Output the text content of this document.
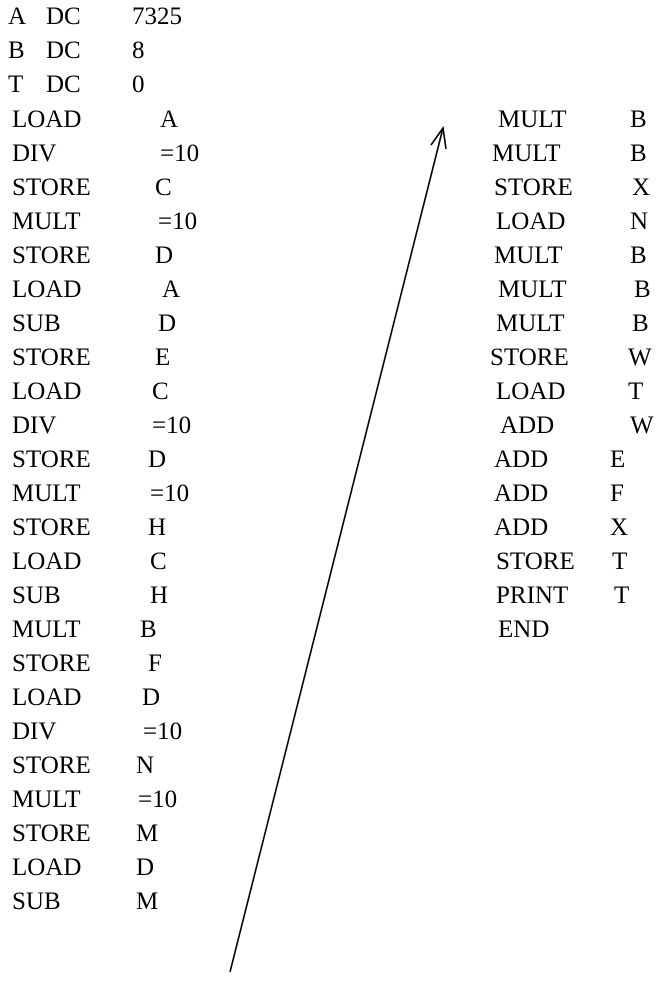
A DC 7325
B DC 8
T DC 0
LOAD	A
DIV	=10
STORE	C
MULT	=10
STORE	D
LOAD	A
SUB	D
STORE	E
LOAD	C
DIV	=10
STORE D
MULT	=10
STORE H
LOAD	C
SUB	H
MULT B
STORE F
LOAD D
DIV	=10
STORE N
MULT =10
STORE M
LOAD D
SUB	M
MULT	B
MULT	B
STORE X
LOAD	N
MULT	B
MULT	B
MULT	B
STORE W
LOAD	T
ADD	W
ADD E
ADD F
ADD X
STORE T
PRINT T
END
